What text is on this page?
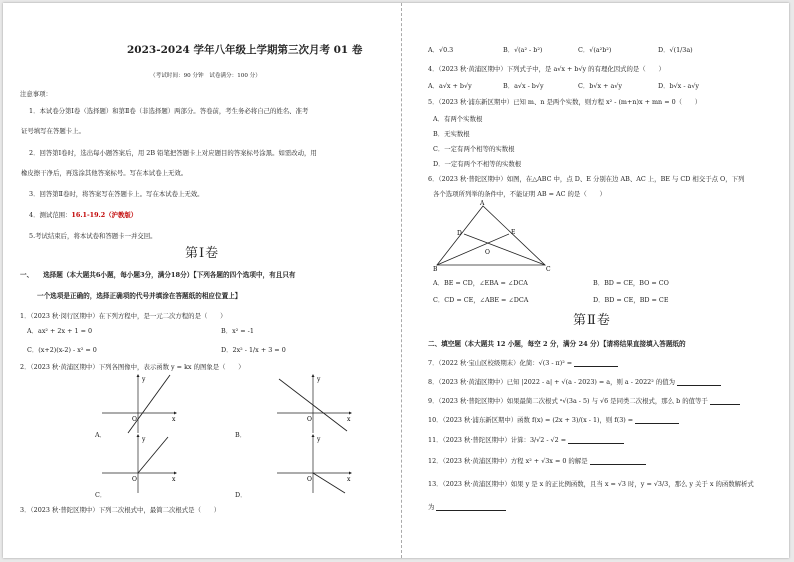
2023-2024 学年八年级上学期第三次月考 01 卷
（考试时间：90 分钟　试卷满分：100 分）
注意事项：
1．本试卷分第Ⅰ卷（选择题）和第Ⅱ卷（非选择题）两部分。答卷前，考生务必将自己的姓名、准考
证号填写在答题卡上。
2．回答第Ⅰ卷时，选出每小题答案后，用 2B 铅笔把答题卡上对应题目的答案标号涂黑。如需改动，用
橡皮擦干净后，再选涂其他答案标号。写在本试卷上无效。
3．回答第Ⅱ卷时，将答案写在答题卡上。写在本试卷上无效。
4．测试范围：16.1-19.2（沪教版）
5.考试结束后，将本试卷和答题卡一并交回。
第Ⅰ卷
一、　　选择题（本大题共6小题，每小题3分，满分18分）【下列各题的四个选项中，有且只有
一个选项是正确的，选择正确项的代号并填涂在答题纸的相应位置上】
1．（2023 秋·闵行区期中）在下列方程中，是一元二次方程的是（　　）
A．ax² + 2x + 1 = 0	B．x² = -1
C．(x+2)(x-2) - x² = 0	D．2x² - 1/x + 3 = 0
2．（2023 秋·黄浦区期中）下列各图像中，表示函数 y = kx 的图象是（　　）
y
x
O
A．
y
x
O
B．
y
x
O
C．
y
x
O
D．
3．（2023 秋·普陀区期中）下列二次根式中，最简二次根式是（　　）
A．√0.3	B．√(a² - b²)	C．√(a²b²)	D．√(1/3a)
4．（2023 秋·黄浦区期中）下列式子中，是 a√x + b√y 的有理化因式的是（　　）
A．a√x + b√y	B．a√x - b√y	C．b√x + a√y	D．b√x - a√y
5．（2023 秋·浦东新区期中）已知 m、n 是两个实数，则方程 x² - (m+n)x + mn = 0（　　）
A．有两个实数根
B．无实数根
C．一定有两个相等的实数根
D．一定有两个不相等的实数根
6．（2023 秋·普陀区期中）如图，在△ABC 中，点 D、E 分别在边 AB、AC 上，BE 与 CD 相交于点 O，下列
各个选项所列举的条件中，不能证明 AB = AC 的是（　　）
A
B	C
D	E
O
A．BE = CD，∠EBA = ∠DCA	B．BD = CE，BO = CO
C．CD = CE，∠ABE = ∠DCA	D．BD = CE，BD = CE
第Ⅱ卷
二、填空题（本大题共 12 小题，每空 2 分，满分 24 分）【请将结果直接填入答题纸的
7．（2022 秋·宝山区校级期末）化简：√(3 - π)² =
8．（2023 秋·黄浦区期中）已知 |2022 - a| + √(a - 2023) = a，则 a - 2022² 的值为
9．（2023 秋·普陀区期中）如果最简二次根式 ᵃ√(3a - 5) 与 √6 是同类二次根式，那么 b 的值等于
10．（2023 秋·浦东新区期中）函数 f(x) = (2x + 3)/(x - 1)，则 f(3) =
11．（2023 秋·普陀区期中）计算：3/√2 - √2 =
12．（2023 秋·黄浦区期中）方程 x² + √3x = 0 的解是
13．（2023 秋·黄浦区期中）如果 y 是 x 的正比例函数，且当 x = √3 时，y = √3/3，那么 y 关于 x 的函数解析式
为
